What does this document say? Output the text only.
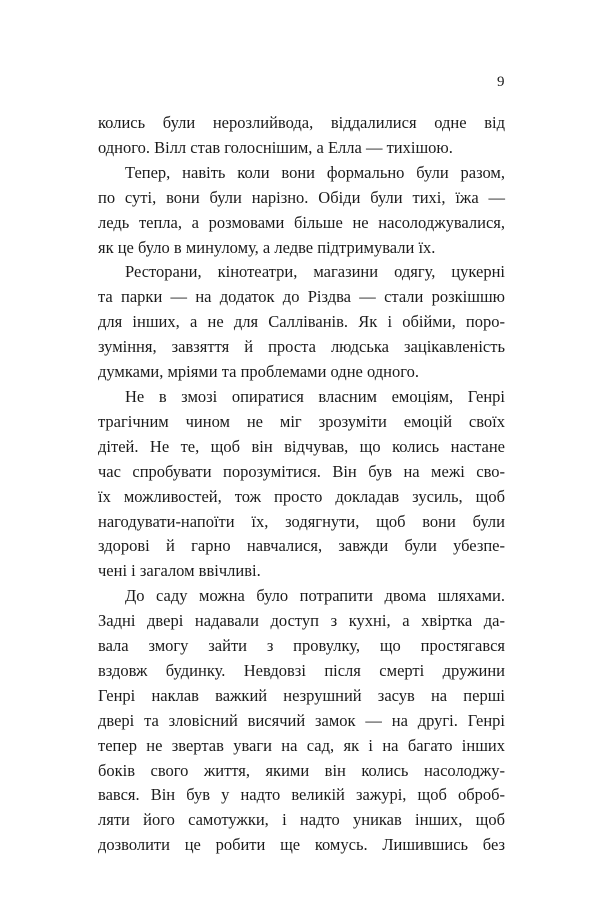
9
колись були нерозлийвода, віддалилися одне від
одного. Вілл став голоснішим, а Елла — тихішою.
Тепер, навіть коли вони формально були разом,
по суті, вони були нарізно. Обіди були тихі, їжа —
ледь тепла, а розмовами більше не насолоджувалися,
як це було в минулому, а ледве підтримували їх.
Ресторани, кінотеатри, магазини одягу, цукерні
та парки — на додаток до Різдва — стали розкішшю
для інших, а не для Салліванів. Як і обійми, поро-
зуміння, завзяття й проста людська зацікавленість
думками, мріями та проблемами одне одного.
Не в змозі опиратися власним емоціям, Генрі
трагічним чином не міг зрозуміти емоцій своїх
дітей. Не те, щоб він відчував, що колись настане
час спробувати порозумітися. Він був на межі сво-
їх можливостей, тож просто докладав зусиль, щоб
нагодувати-напоїти їх, зодягнути, щоб вони були
здорові й гарно навчалися, завжди були убезпе-
чені і загалом ввічливі.
До саду можна було потрапити двома шляхами.
Задні двері надавали доступ з кухні, а хвіртка да-
вала змогу зайти з провулку, що простягався
вздовж будинку. Невдовзі після смерті дружини
Генрі наклав важкий незрушний засув на перші
двері та зловісний висячий замок — на другі. Генрі
тепер не звертав уваги на сад, як і на багато інших
боків свого життя, якими він колись насолоджу-
вався. Він був у надто великій зажурі, щоб оброб-
ляти його самотужки, і надто уникав інших, щоб
дозволити це робити ще комусь. Лишившись без
